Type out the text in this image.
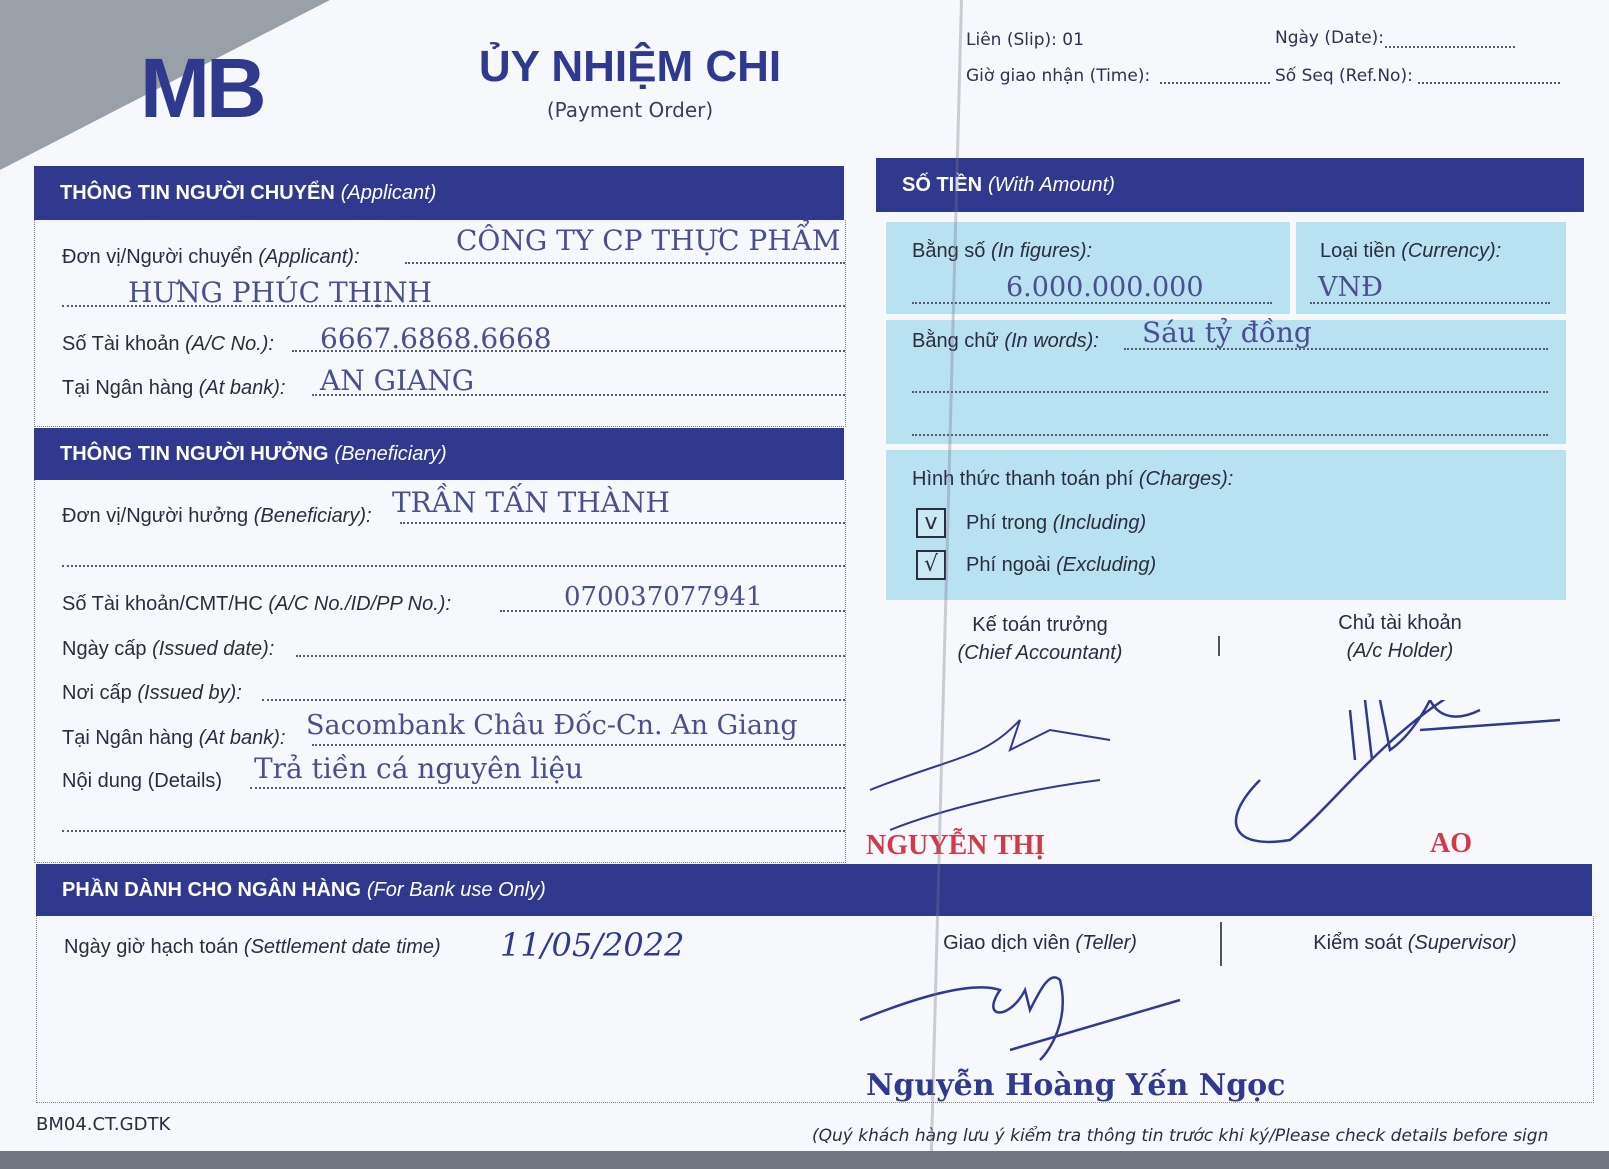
MB	ỦY NHIỆM CHI
(Payment Order)
Liên (Slip): 01	Ngày (Date):
Giờ giao nhận (Time):	Số Seq (Ref.No):
THÔNG TIN NGƯỜI CHUYỂN (Applicant)
Đơn vị/Người chuyển (Applicant):	CÔNG TY CP THỰC PHẨM
HƯNG PHÚC THỊNH
Số Tài khoản (A/C No.): 6667.6868.6668
Tại Ngân hàng (At bank): AN GIANG
THÔNG TIN NGƯỜI HƯỞNG (Beneficiary)
Đơn vị/Người hưởng (Beneficiary): TRẦN TẤN THÀNH
Số Tài khoản/CMT/HC (A/C No./ID/PP No.):	070037077941
Ngày cấp (Issued date):
Nơi cấp (Issued by):
Tại Ngân hàng (At bank): Sacombank Châu Đốc-Cn. An Giang
Nội dung (Details) Trả tiền cá nguyên liệu
SỐ TIỀN (With Amount)
Bằng số (In figures):
6.000.000.000
Loại tiền (Currency):
VNĐ
Bằng chữ (In words): Sáu tỷ đồng
Hình thức thanh toán phí (Charges):
v	Phí trong (Including)
√	Phí ngoài (Excluding)
Kế toán trưởng
(Chief Accountant)
Chủ tài khoản
(A/c Holder)
NGUYỄN THỊ	AO
PHẦN DÀNH CHO NGÂN HÀNG (For Bank use Only)
Ngày giờ hạch toán (Settlement date time) 11/05/2022	Giao dịch viên (Teller)	Kiểm soát (Supervisor)
Nguyễn Hoàng Yến Ngọc
BM04.CT.GDTK
(Quý khách hàng lưu ý kiểm tra thông tin trước khi ký/Please check details before sign
